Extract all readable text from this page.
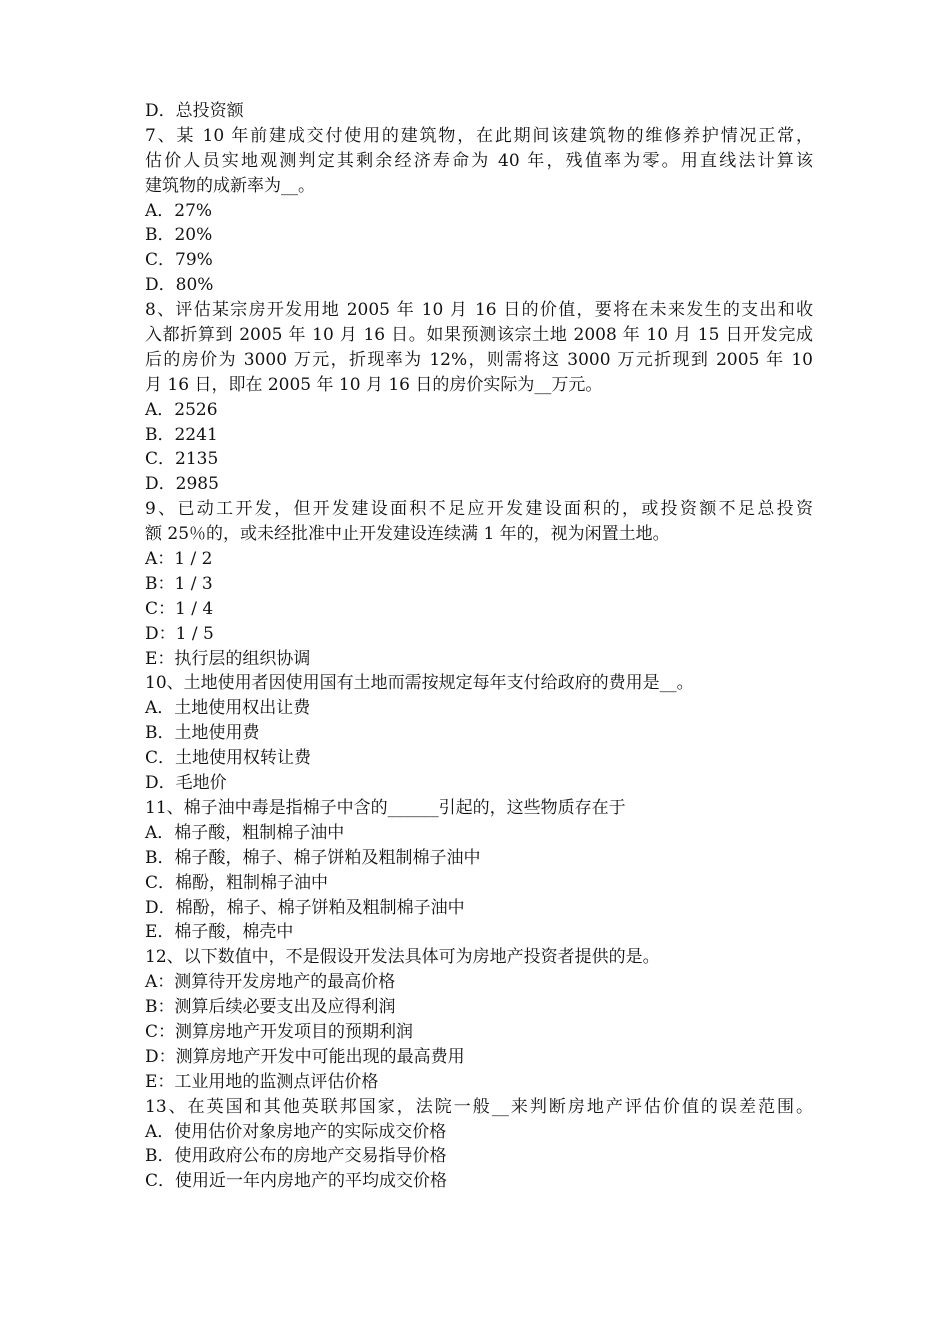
D．总投资额
7、某 10 年前建成交付使用的建筑物，在此期间该建筑物的维修养护情况正常，
估价人员实地观测判定其剩余经济寿命为 40 年，残值率为零。用直线法计算该
建筑物的成新率为__。
A．27%
B．20%
C．79%
D．80%
8、评估某宗房开发用地 2005 年 10 月 16 日的价值，要将在未来发生的支出和收
入都折算到 2005 年 10 月 16 日。如果预测该宗土地 2008 年 10 月 15 日开发完成
后的房价为 3000 万元，折现率为 12%，则需将这 3000 万元折现到 2005 年 10
月 16 日，即在 2005 年 10 月 16 日的房价实际为__万元。
A．2526
B．2241
C．2135
D．2985
9、已动工开发，但开发建设面积不足应开发建设面积的，或投资额不足总投资
额 25％的，或未经批准中止开发建设连续满 1 年的，视为闲置土地。
A：1 / 2
B：1 / 3
C：1 / 4
D：1 / 5
E：执行层的组织协调
10、土地使用者因使用国有土地而需按规定每年支付给政府的费用是__。
A．土地使用权出让费
B．土地使用费
C．土地使用权转让费
D．毛地价
11、棉子油中毒是指棉子中含的______引起的，这些物质存在于
A．棉子酸，粗制棉子油中
B．棉子酸，棉子、棉子饼粕及粗制棉子油中
C．棉酚，粗制棉子油中
D．棉酚，棉子、棉子饼粕及粗制棉子油中
E．棉子酸，棉壳中
12、以下数值中，不是假设开发法具体可为房地产投资者提供的是。
A：测算待开发房地产的最高价格
B：测算后续必要支出及应得利润
C：测算房地产开发项目的预期利润
D：测算房地产开发中可能出现的最高费用
E：工业用地的监测点评估价格
13、在英国和其他英联邦国家，法院一般__来判断房地产评估价值的误差范围。
A．使用估价对象房地产的实际成交价格
B．使用政府公布的房地产交易指导价格
C．使用近一年内房地产的平均成交价格
